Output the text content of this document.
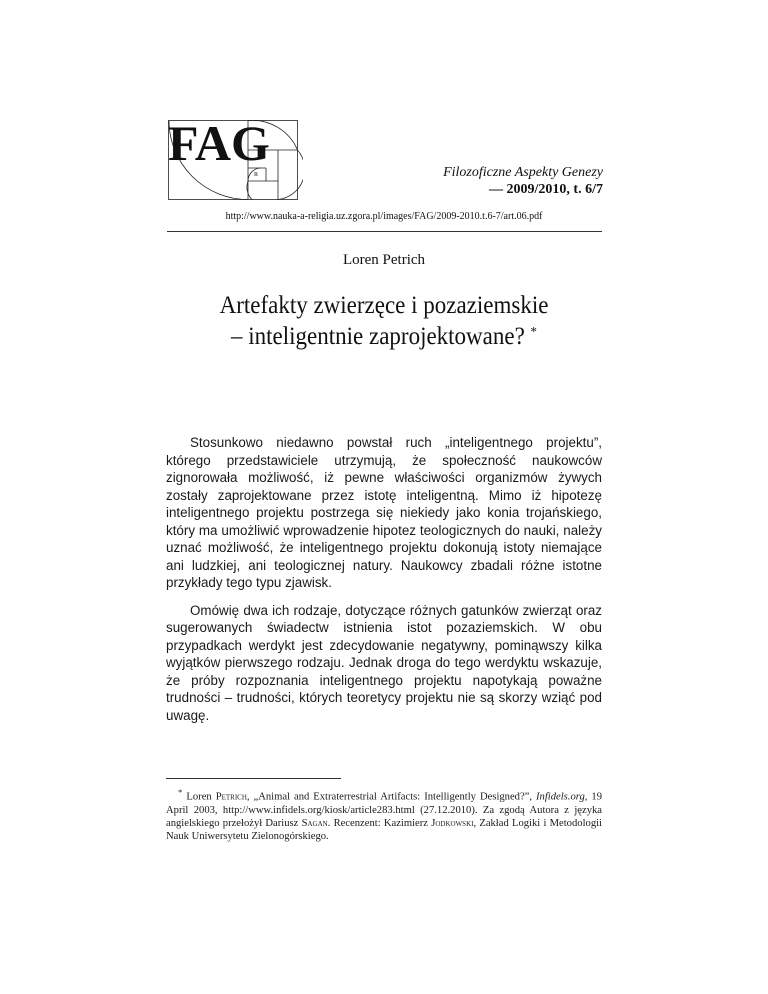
FAG
R	Filozoficzne Aspekty Genezy
— 2009/2010, t. 6/7
http://www.nauka-a-religia.uz.zgora.pl/images/FAG/2009-2010.t.6-7/art.06.pdf
Loren Petrich
Artefakty zwierzęce i pozaziemskie
– inteligentnie zaprojektowane? *

Stosunkowo niedawno powstał ruch „inteligentnego projektu”, którego przedstawiciele utrzymują, że społeczność naukowców zignorowała możliwość, iż pewne właściwości organizmów żywych zostały zaprojektowane przez istotę inteligentną. Mimo iż hipotezę inteligentnego projektu postrzega się niekiedy jako konia trojańskiego, który ma umożliwić wprowadzenie hipotez teologicznych do nauki, należy uznać możliwość, że inteligentnego projektu dokonują istoty niemające ani ludzkiej, ani teologicznej natury. Naukowcy zbadali różne istotne przykłady tego typu zjawisk.

Omówię dwa ich rodzaje, dotyczące różnych gatunków zwierząt oraz sugerowanych świadectw istnienia istot pozaziemskich. W obu przypadkach werdykt jest zdecydowanie negatywny, pominąwszy kilka wyjątków pierwszego rodzaju. Jednak droga do tego werdyktu wskazuje, że próby rozpoznania inteligentnego projektu napotykają poważne trudności – trudności, których teoretycy projektu nie są skorzy wziąć pod uwagę.

* Loren Petrich, „Animal and Extraterrestrial Artifacts: Intelligently Designed?”, Infidels.org, 19 April 2003, http://www.infidels.org/kiosk/article283.html (27.12.2010). Za zgodą Autora z języka angielskiego przełożył Dariusz Sagan. Recenzent: Kazimierz Jodkowski, Zakład Logiki i Metodologii Nauk Uniwersytetu Zielonogórskiego.
